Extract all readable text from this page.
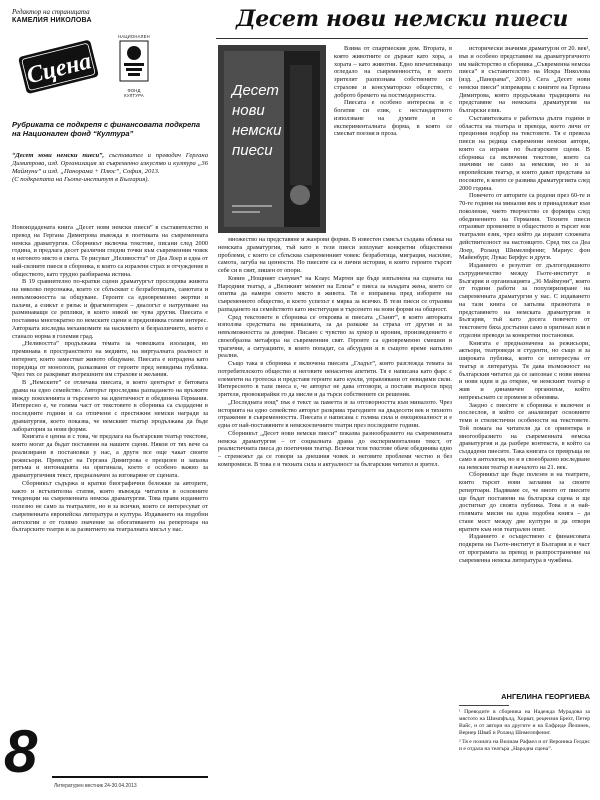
Редактор на страницата
КАМЕЛИЯ НИКОЛОВА
Сцена
НАЦИОНАЛЕН
ФОНД
КУЛТУРА
Рубриката се подкрепя с финансовата подкрепа на Национален фонд “Култура”
“Десет нови немски пиеси”, съставител и преводач Гергана Димитрова, изд. Организация за съвременно изкуство и култура „36 Маймуни” и изд. „Панорама + Плюс”, София, 2013.
(С подкрепата на Гьоте-институт в България).

Новоиздадената книга „Десет нови немски пиеси” в съставителство и превод на Гергана Димитрова въвежда в поетиката на съвременната немска драматургия. Сборникът включва текстове, писани след 2000 година, и предлага десет различни гледни точки към съвременния човек и неговото място в света. Те рисуват „Неливостта” от Деа Лоер и една от най-силните пиеси в сборника, в която са изразени страх и отчуждение в обществото, като трудно разбираема истина.

В 19 сравнително по-кратки сцени драматургът проследява живота на няколко персонажа, които се сблъскват с безработицата, самотата и невъзможността за общуване. Героите са едновременно жертви и палачи, а езикът е рязък и фрагментарен – диалогът е натрупване на разминаващи се реплики, в които никой не чува другия. Пиесата е поставяна многократно по немските сцени и предизвиква голям интерес. Авторката изследва механизмите на насилието и безразличието, което е станало норма в големия град.

„Неливостта” продължава темата за човешката изолация, но преминава в пространството на медиите, на виртуалната реалност и интернет, които заместват живото общуване. Пиесата е изградена като поредица от монолози, разказвани от героите пред невидима публика. Чрез тях се разкриват вътрешните им страхове и желания.

В „Немските” се отличава пиесата, в която центърът е битовата драма на едно семейство. Авторът проследява разпадането на връзките между поколенията и търсенето на идентичност в обединена Германия. Интересно е, че голяма част от текстовете в сборника са създадени в последните години и са отличени с престижни немски награди за драматургия, което показва, че немският театър продължава да бъде лаборатория за нови форми.

Книгата е ценна и с това, че предлага на българския театър текстове, които могат да бъдат поставени на нашите сцени. Някои от тях вече са реализирани в постановки у нас, а други все още чакат своите режисьори. Преводът на Гергана Димитрова е прецизен и запазва ритъма и интонацията на оригинала, което е особено важно за драматургичния текст, предназначен за изговаряне от сцената.

Сборникът съдържа и кратки биографични бележки за авторите, както и встъпителна статия, която въвежда читателя в основните тенденции на съвременната немска драматургия. Това прави изданието полезно не само за театралите, но и за всички, които се интересуват от съвременната европейска литература и култура. Издаването на подобни антологии е от голямо значение за обогатяването на репертоара на българските театри и за развитието на театралната мисъл у нас.

Десет нови немски пиеси
Десет
нови
немски
пиеси

Взима от спартиеския дом. Втората, в която животните се държат като хора, а хората – като животни. Едно впечатляващо огледало на съвременността, в което зрителят разпознава собствените си страхове и консуматорско общество, с доброто бремето на постмодерността.

Пиесата е особено интересна и с богатия си език, с нестандартното използване на думите и с експерименталната форма, в която се смесват поезия и проза.

множество на представяне и жанрови форми. В известен смисъл създава облика на немската драматургия, тъй като в тези пиеси изплуват конкретни обществени проблеми, с които се сблъсква съвременният човек: безработица, миграция, насилие, самота, загуба на ценности. Но пиесите са и лични истории, в които героите търсят себе си в свят, лишен от опори.

Ковин „Нощният сънувач” на Клаус Мартен ще бъде изпълнена на сцената на Народния театър, а „Великият момент на Елиза” е пиеса за младата жена, която се опитва да намери своето място в живота. Тя е изправена пред изборите на съвременното общество, в което успехът е мярка за всичко. В тези пиеси се отразява разпадането на семейството като институция и търсенето на нови форми на общност.

Сред текстовете в сборника се откроява и пиесата „Сънят”, в която авторката използва средствата на приказката, за да разкаже за страха от другия и за невъзможността за доверие. Писано с чувство за хумор и ирония, произведението е своеобразна метафора на съвременния свят. Героите са едновременно смешни и трагични, а ситуациите, в които попадат, са абсурдни и в същото време напълно реални.

Също така в сборника е включена пиесата „Гладът”, която разглежда темата за потребителското общество и неговите ненаситни апетити. Тя е написана като фарс с елементи на гротеска и представя героите като кукли, управлявани от невидими сили. Интересното в тази пиеса е, че авторът не дава отговори, а поставя въпроси пред зрителя, провокирайки го да мисли и да търси собствените си решения.

„Последната нощ” пък е текст за паметта и за отговорността към миналото. Чрез историята на едно семейство авторът разкрива трагедиите на двадесети век и тяхното отражение в съвременността. Пиесата е написана с голяма сила и емоционалност и е една от най-поставяните в немскоезичните театри през последните години.

Сборникът „Десет нови немски пиеси” показва разнообразието на съвременната немска драматургия – от социалната драма до експерименталния текст, от реалистичната пиеса до поетичния театър. Всички тези текстове обаче обединява едно – стремежът да се говори за днешния човек и неговите проблеми честно и без компромиси. В това е и тяхната сила и актуалност за българския читател и зрител.

исторически значими драматурзи от 20. век¹, във и особено представяне на драматургичното им майсторство в сборника „Съвременна немска пиеса” в съставителство на Искра Николова (изд. „Панорама”, 2001). Сега „Десет нови немски пиеси” изпреварва с книгите на Гергана Димитрова, която продължава традицията на представяне на немската драматургия на български език.

Съставителката е работила дълги години в областта на театъра и превода, което личи от прецизния подбор на текстовете. Тя е превела пиеси на редица съвременни немски автори, които са играни по българските сцени. В сборника са включени текстове, които са значими не само за немския, но и за европейския театър, и които дават представа за посоките, в които се развива драматургията след 2000 година.

Повечето от авторите са родени през 60-те и 70-те години на миналия век и принадлежат към поколение, чието творчество се формира след обединението на Германия. Техните пиеси отразяват промените в обществото и търсят нов театрален език, чрез който да изразят сложната действителност на настоящето. Сред тях са Деа Лоер, Роланд Шимелпфениг, Мариус фон Майенбург, Лукас Берфус и други.

Изданието е резултат от дългогодишното сътрудничество между Гьоте-институт в България и организацията „36 Маймуни”, която от години работи за популяризиране на съвременната драматургия у нас. С издаването на тази книга се запълва празнотата в представянето на немската драматургия в България, тъй като досега повечето от текстовете бяха достъпни само в оригинал или в отделни преводи за конкретни постановки.

Книгата е предназначена за режисьори, актьори, театроведи и студенти, но също и за широката публика, която се интересува от театър и литература. Тя дава възможност на българския читател да се запознае с нови имена и нови идеи и да открие, че немският театър е жив и динамичен организъм, който непрекъснато се променя и обновява.

Заедно с пиесите в сборника е включен и послеслов, в който се анализират основните теми и стилистични особености на текстовете. Той помага на читателя да се ориентира в многообразието на съвременната немска драматургия и да разбере контекста, в който са създадени пиесите. Така книгата се превръща не само в антология, но и в своеобразно изследване на немския театър в началото на 21. век.

Сборникът ще бъде полезен и на театрите, които търсят нови заглавия за своите репертоари. Надяваме се, че много от пиесите ще бъдат поставени на българска сцена и ще достигнат до своята публика. Това е и най-голямата мисия на една подобна книга – да стане мост между две култури и да отвори вратите към нов театрален опит.

Изданието е осъществено с финансовата подкрепа на Гьоте-институт в България и е част от програмата за превод и разпространение на съвременна немска литература в чужбина.

АНГЕЛИНА ГЕОРГИЕВА

¹ Преводите в сборника на Надежда Мурадова за мястото на Шимпфълд, Хорват, рецензия Брехт, Петер Вайс, и от автори на другите и на Елфриде Йелинек, Вернер Шваб и Роланд Шимелпфениг.

² Тя е позната на Вилиам Рафаел и от Вероника Гелдис и е отдала на театъра „Народна сцена”.

8
Литературен вестник 24-30.04.2013
